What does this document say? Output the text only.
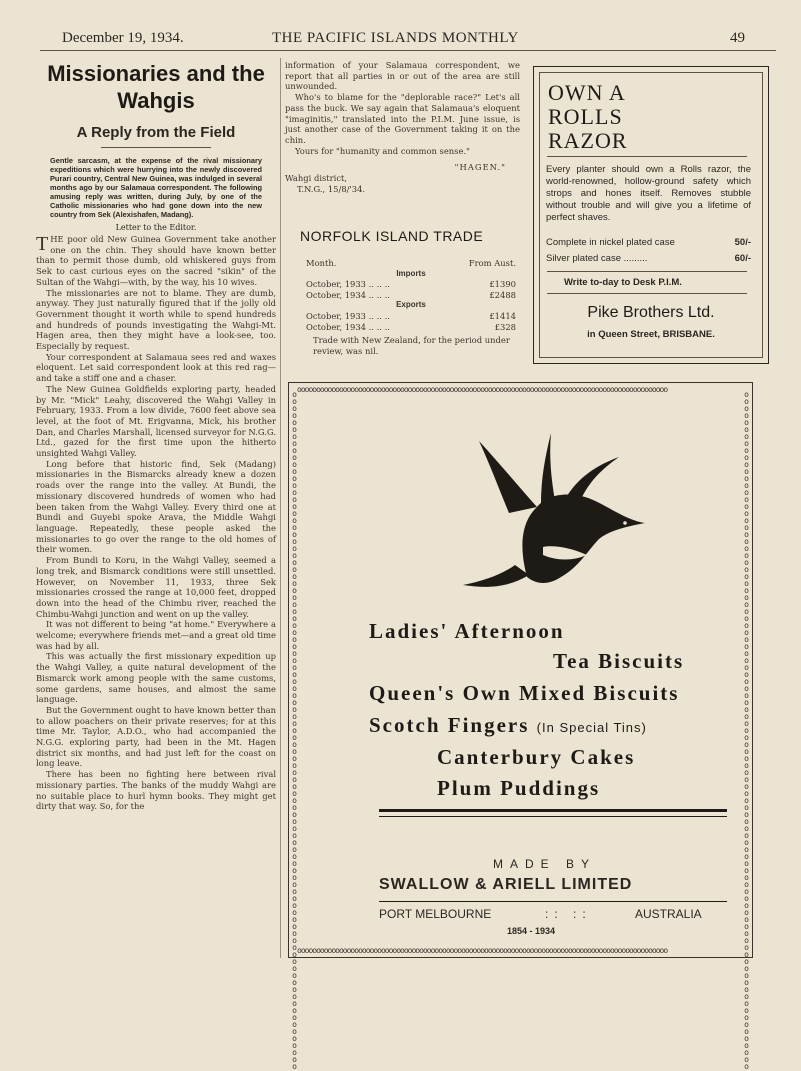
December 19, 1934.	THE PACIFIC ISLANDS MONTHLY	49
Missionaries and the Wahgis
A Reply from the Field
Gentle sarcasm, at the expense of the rival missionary expeditions which were hurrying into the newly discovered Purari country, Central New Guinea, was indulged in several months ago by our Salamaua correspondent. The following amusing reply was written, during July, by one of the Catholic missionaries who had gone down into the new country from Sek (Alexishafen, Madang).
Letter to the Editor.

THE poor old New Guinea Government take another one on the chin. They should have known better than to permit those dumb, old whiskered guys from Sek to cast curious eyes on the sacred "sikin" of the Sultan of the Wahgi—with, by the way, his 10 wives.

The missionaries are not to blame. They are dumb, anyway. They just naturally figured that if the jolly old Government thought it worth while to spend hundreds and hundreds of pounds investigating the Wahgi-Mt. Hagen area, then they might have a look-see, too. Especially by request.

Your correspondent at Salamaua sees red and waxes eloquent. Let said correspondent look at this red rag—and take a stiff one and a chaser.

The New Guinea Goldfields exploring party, headed by Mr. "Mick" Leahy, discovered the Wahgi Valley in February, 1933. From a low divide, 7600 feet above sea level, at the foot of Mt. Erigvanna, Mick, his brother Dan, and Charles Marshall, licensed surveyor for N.G.G. Ltd., gazed for the first time upon the hitherto unsighted Wahgi Valley.

Long before that historic find, Sek (Madang) missionaries in the Bismarcks already knew a dozen roads over the range into the valley. At Bundi, the missionary discovered hundreds of women who had been taken from the Wahgi Valley. Every third one at Bundi and Guyebi spoke Arava, the Middle Wahgi language. Repeatedly, these people asked the missionaries to go over the range to the old homes of their women.

From Bundi to Koru, in the Wahgi Valley, seemed a long trek, and Bismarck conditions were still unsettled. However, on November 11, 1933, three Sek missionaries crossed the range at 10,000 feet, dropped down into the head of the Chimbu river, reached the Chimbu-Wahgi junction and went on up the valley.

It was not different to being "at home." Everywhere a welcome; everywhere friends met—and a great old time was had by all.

This was actually the first missionary expedition up the Wahgi Valley, a quite natural development of the Bismarck work among people with the same customs, some gardens, same houses, and almost the same language.

But the Government ought to have known better than to allow poachers on their private reserves; for at this time Mr. Taylor, A.D.O., who had accompanied the N.G.G. exploring party, had been in the Mt. Hagen district six months, and had just left for the coast on long leave.

There has been no fighting here between rival missionary parties. The banks of the muddy Wahgi are no suitable place to hurl hymn books. They might get dirty that way. So, for the

information of your Salamaua correspondent, we report that all parties in or out of the area are still unwounded.

Who's to blame for the "deplorable race?" Let's all pass the buck. We say again that Salamaua's eloquent "imaginitis," translated into the P.I.M. June issue, is just another case of the Government taking it on the chin.

Yours for "humanity and common sense."

"HAGEN."
Wahgi district,
T.N.G., 15/8/'34.
NORFOLK ISLAND TRADE
Month.	From Aust.
Imports
October, 1933 .. .. ..	£1390
October, 1934 .. .. ..	£2488
Exports
October, 1933 .. .. ..	£1414
October, 1934 .. .. ..	£328
Trade with New Zealand, for the period under review, was nil.
OWN A
ROLLS
RAZOR
Every planter should own a Rolls razor, the world-renowned, hollow-ground safety which strops and hones itself. Removes stubble without trouble and will give you a lifetime of perfect shaves.
Complete in nickel plated case	50/-
Silver plated case .........	60/-
Write to-day to Desk P.I.M.
Pike Brothers Ltd.
in Queen Street, BRISBANE.
ooooooooooooooooooooooooooooooooooooooooooooooooooooooooooooooooooooooooooooooooooooooooooooooooo
ooooooooooooooooooooooooooooooooooooooooooooooooooooooooooooooooooooooooooooooooooooooooooooooooo
ooooooooooooooooooooooooooooooooooooooooooooooooooooooooooooooooooooooooooooooooooooooooooooooooo
ooooooooooooooooooooooooooooooooooooooooooooooooooooooooooooooooooooooooooooooooooooooooooooooooo
Ladies' Afternoon
Tea Biscuits
Queen's Own Mixed Biscuits
Scotch Fingers (In Special Tins)
Canterbury Cakes
Plum Puddings
MADE BY
SWALLOW & ARIELL LIMITED
PORT MELBOURNE	:: ::	AUSTRALIA
1854 - 1934
